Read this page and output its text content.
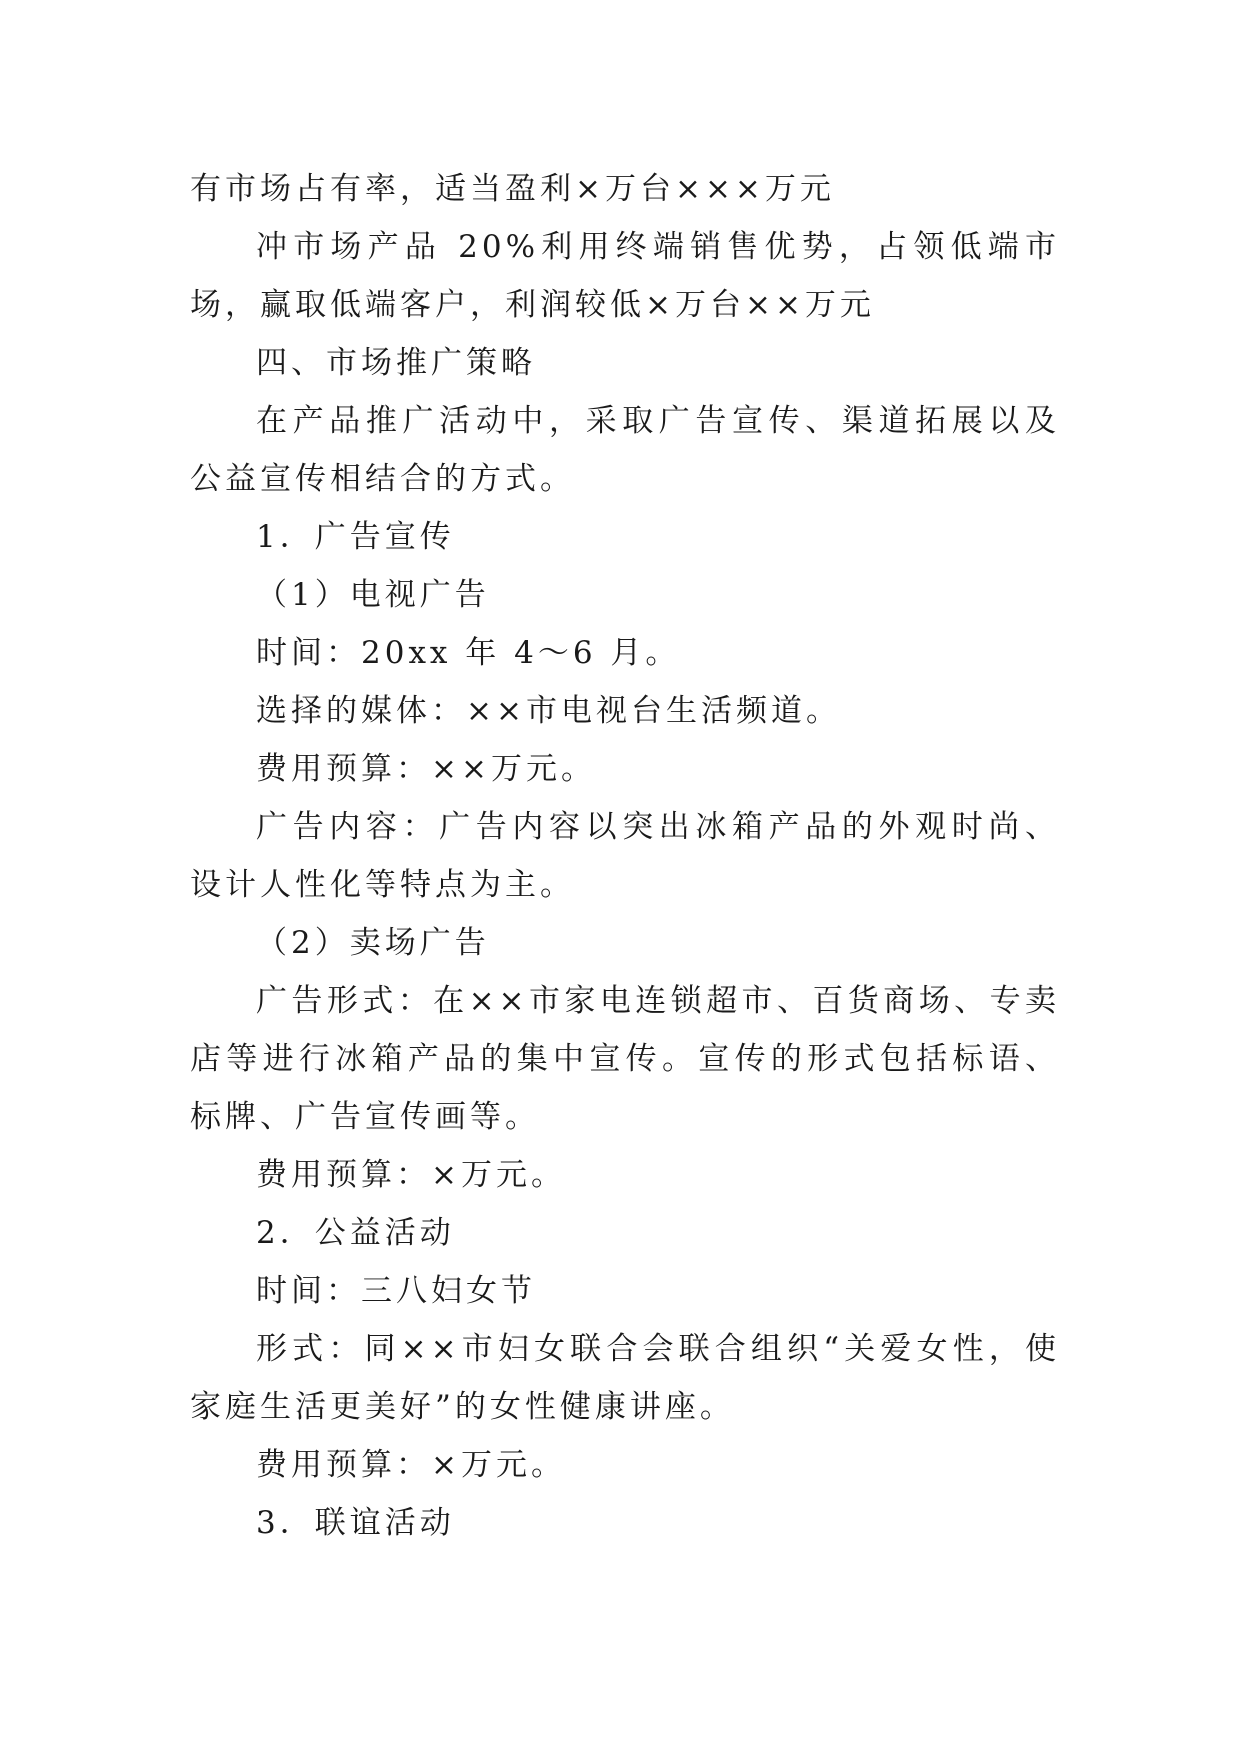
有市场占有率，适当盈利×万台×××万元

冲市场产品 20%利用终端销售优势，占领低端市场，赢取低端客户，利润较低×万台××万元

四、市场推广策略

在产品推广活动中，采取广告宣传、渠道拓展以及公益宣传相结合的方式。

1．广告宣传

（1）电视广告

时间：20xx 年 4～6 月。

选择的媒体：××市电视台生活频道。

费用预算：××万元。

广告内容：广告内容以突出冰箱产品的外观时尚、设计人性化等特点为主。

（2）卖场广告

广告形式：在××市家电连锁超市、百货商场、专卖店等进行冰箱产品的集中宣传。宣传的形式包括标语、标牌、广告宣传画等。

费用预算：×万元。

2．公益活动

时间：三八妇女节

形式：同××市妇女联合会联合组织“关爱女性，使家庭生活更美好”的女性健康讲座。

费用预算：×万元。

3．联谊活动
